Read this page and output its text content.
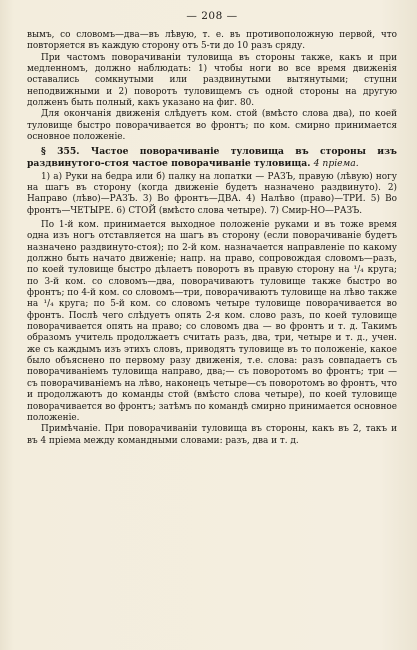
— 208 —

вымъ, со словомъ—два—въ лѣвую, т. е. въ противоположную первой, что повторяется въ каждую сторону отъ 5-ти до 10 разъ сряду.

При частомъ поворачиваніи туловища въ стороны также, какъ и при медленномъ, должно наблюдать: 1) чтобы ноги во все время движенія оставались сомкнутыми или раздвинутыми вытянутыми; ступни неподвижными и 2) поворотъ туловищемъ съ одной стороны на другую долженъ быть полный, какъ указано на фиг. 80.

Для окончанія движенія слѣдуетъ ком. стой (вмѣсто слова два), по коей туловище быстро поворачивается во фронтъ; по ком. смирно принимается основное положеніе.

§ 355. Частое поворачиваніе туловища въ стороны изъ раздвинутого-стоя частое поворачиваніе туловища. 4 пріема.

1) а) Руки на бедра или б) палку на лопатки — РАЗЪ, правую (лѣвую) ногу на шагъ въ сторону (когда движеніе будетъ назначено раздвинуто). 2) Направо (лѣво)—РАЗЪ. 3) Во фронтъ—ДВА. 4) Налѣво (право)—ТРИ. 5) Во фронтъ—ЧЕТЫРЕ. 6) СТОЙ (вмѣсто слова четыре). 7) Смир-НО—РАЗЪ.

По 1-й ком. принимается выходное положеніе руками и въ тоже время одна изъ ногъ отставляется на шагъ въ сторону (если поворачиваніе будетъ назначено раздвинуто-стоя); по 2-й ком. назначается направленіе по какому должно быть начато движеніе; напр. на право, сопровождая словомъ—разъ, по коей туловище быстро дѣлаетъ поворотъ въ правую сторону на ¹/₄ круга; по 3-й ком. со словомъ—два, поворачиваютъ туловище также быстро во фронтъ; по 4-й ком. со словомъ—три, поворачиваютъ туловище на лѣво также на ¹/₄ круга; по 5-й ком. со словомъ четыре туловище поворачивается во фронтъ. Послѣ чего слѣдуетъ опять 2-я ком. слово разъ, по коей туловище поворачивается опять на право; со словомъ два — во фронтъ и т. д. Такимъ образомъ учитель продолжаетъ считать разъ, два, три, четыре и т. д., учен. же съ каждымъ изъ этихъ словъ, приводятъ туловище въ то положеніе, какое было объяснено по первому разу движенія, т.е. слова: разъ совпадаетъ съ поворачиваніемъ туловища направо, два;— съ поворотомъ во фронтъ; три — съ поворачиваніемъ на лѣво, наконецъ четыре—съ поворотомъ во фронтъ, что и продолжаютъ до команды стой (вмѣсто слова четыре), по коей туловище поворачивается во фронтъ; затѣмъ по командѣ смирно принимается основное положеніе.

Примѣчаніе. При поворачиваніи туловища въ стороны, какъ въ 2, такъ и въ 4 пріема между командными словами: разъ, два и т. д.
